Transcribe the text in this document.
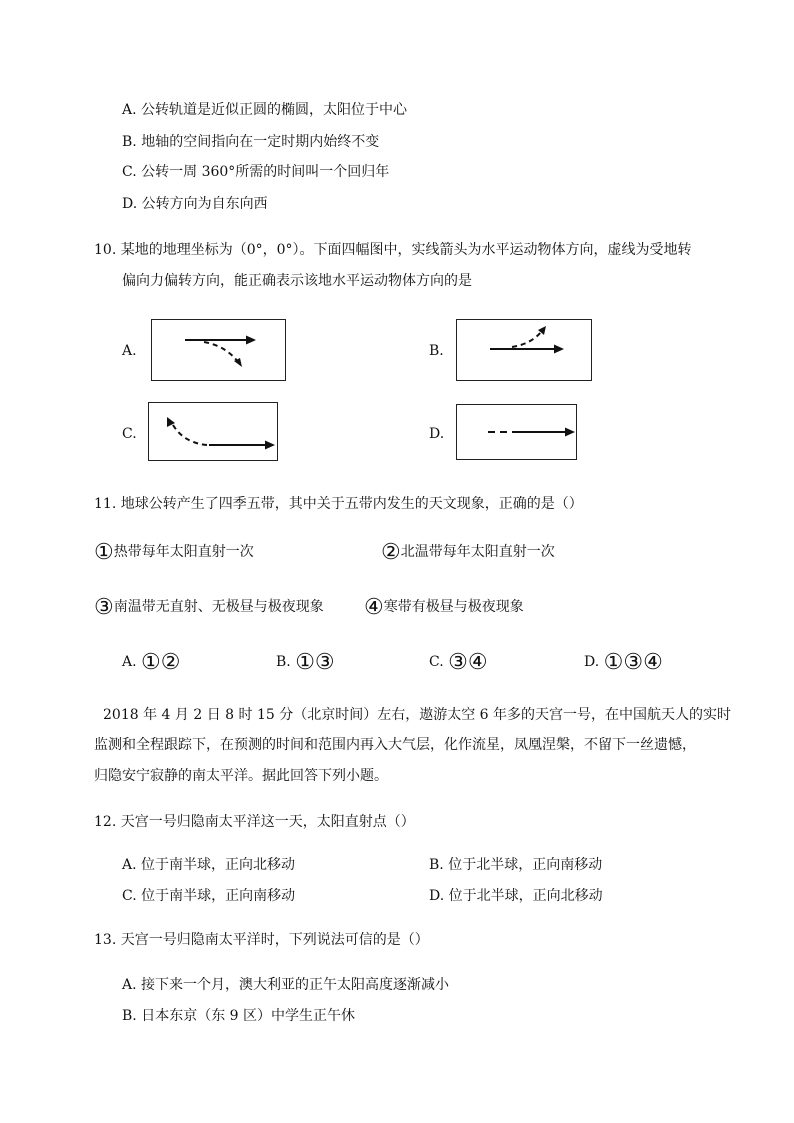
A. 公转轨道是近似正圆的椭圆，太阳位于中心
B. 地轴的空间指向在一定时期内始终不变
C. 公转一周 360°所需的时间叫一个回归年
D. 公转方向为自东向西
10. 某地的地理坐标为（0°，0°）。下面四幅图中，实线箭头为水平运动物体方向，虚线为受地转
偏向力偏转方向，能正确表示该地水平运动物体方向的是
A.	B.
C.	D.
11. 地球公转产生了四季五带，其中关于五带内发生的天文现象，正确的是（）
①热带每年太阳直射一次	②北温带每年太阳直射一次
③南温带无直射、无极昼与极夜现象 ④寒带有极昼与极夜现象
A. ①②	B. ①③	C. ③④	D. ①③④
2018 年 4 月 2 日 8 时 15 分（北京时间）左右，遨游太空 6 年多的天宫一号，在中国航天人的实时
监测和全程跟踪下，在预测的时间和范围内再入大气层，化作流星，凤凰涅槃，不留下一丝遗憾，
归隐安宁寂静的南太平洋。据此回答下列小题。
12. 天宫一号归隐南太平洋这一天，太阳直射点（）
A. 位于南半球，正向北移动	B. 位于北半球，正向南移动
C. 位于南半球，正向南移动	D. 位于北半球，正向北移动
13. 天宫一号归隐南太平洋时，下列说法可信的是（）
A. 接下来一个月，澳大利亚的正午太阳高度逐渐减小
B. 日本东京（东 9 区）中学生正午休
